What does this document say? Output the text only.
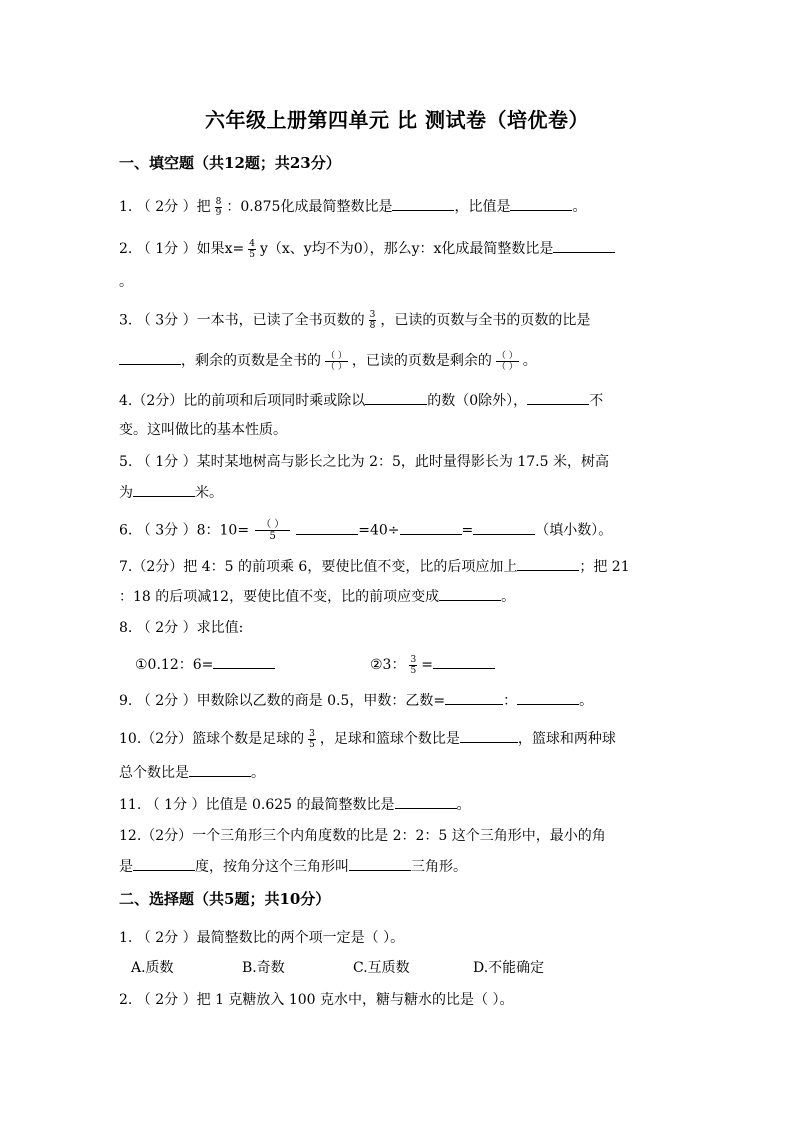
六年级上册第四单元 比 测试卷（培优卷）
一、填空题（共12题；共23分）
1. （ 2分 ）把 $\frac{8}{9}$ ：0.875化成最简整数比是	，比值是	。
2. （ 1分 ）如果$x= \frac{4}{5} y(x$、y均不为0），那么y：x化成最简整数比是
。
3. （ 3分 ）一本书，已读了全书页数的 $\frac{3}{8}$ ，已读的页数与全书的页数的比是
，剩余的页数是全书的 $\frac{( )}{( )}$ ，已读的页数是剩余的 $\frac{( )}{( )}$ 。
4.（2分）比的前项和后项同时乘或除以	的数（0除外），	不
变。这叫做比的基本性质。
5. （ 1分 ）某时某地树高与影长之比为 2：5，此时量得影长为 17.5 米，树高
为	米。
6. （ 3分 ）8：10=	（ ）
5	=40÷	=	（填小数）。
7.（2分）把 4：5 的前项乘 6，要使比值不变，比的后项应加上	；把 21
：18 的后项减12，要使比值不变，比的前项应变成	。
8. （ 2分 ）求比值:
①0.12：6=	②3： $\frac{3}{5}$ =
9. （ 2分 ）甲数除以乙数的商是 0.5，甲数：乙数=	：	。
10.（2分）篮球个数是足球的 $\frac{3}{5}$ ，足球和篮球个数比是	，篮球和两种球
总个数比是	。
11. （ 1分 ）比值是 0.625 的最简整数比是	。
12.（2分）一个三角形三个内角度数的比是 2：2：5 这个三角形中，最小的角
是	度，按角分这个三角形叫	三角形。
二、选择题（共5题；共10分）
1. （ 2分 ）最简整数比的两个项一定是（ ）。
A.质数	B.奇数	C.互质数	D.不能确定
2. （ 2分 ）把 1 克糖放入 100 克水中，糖与糖水的比是（ ）。
